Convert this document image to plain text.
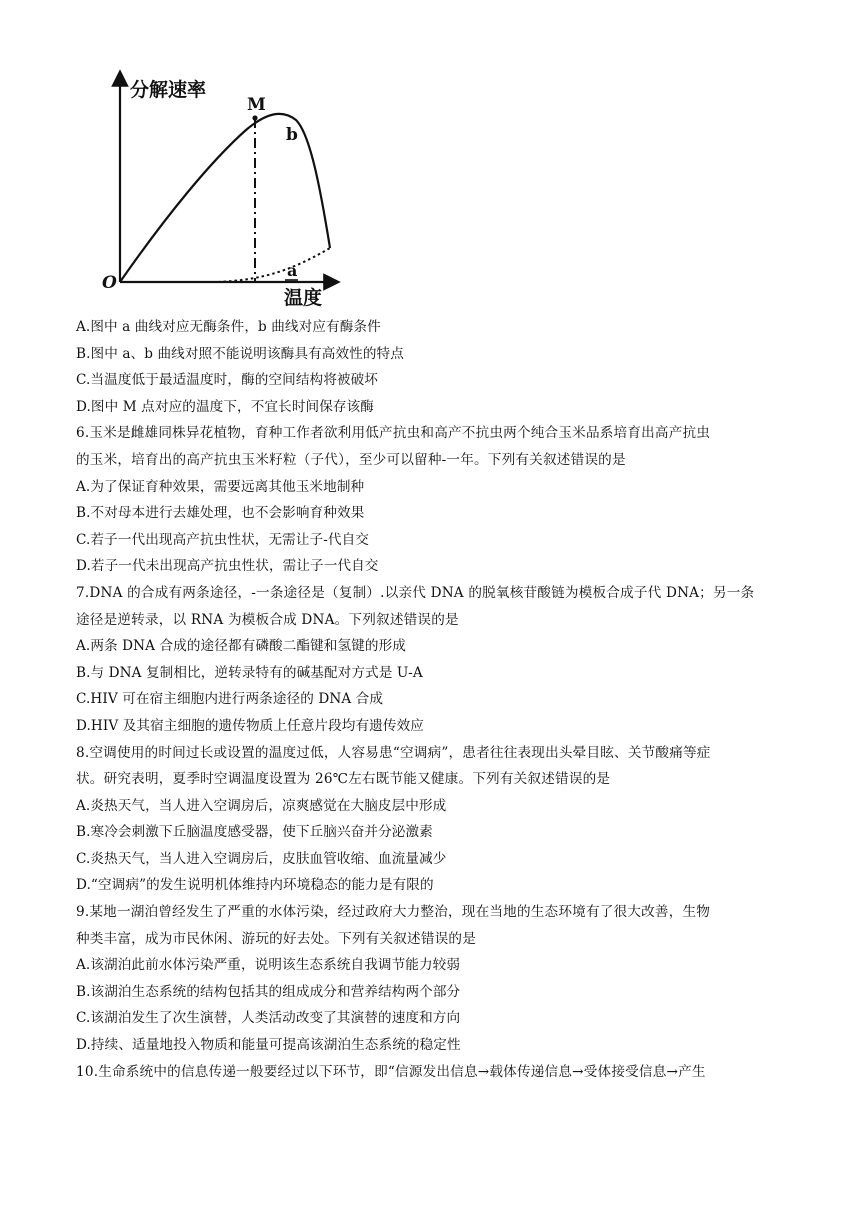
分解速率
M
b
O
a
温度
A.图中 a 曲线对应无酶条件，b 曲线对应有酶条件
B.图中 a、b 曲线对照不能说明该酶具有高效性的特点
C.当温度低于最适温度时，酶的空间结构将被破坏
D.图中 M 点对应的温度下，不宜长时间保存该酶
6.玉米是雌雄同株异花植物，育种工作者欲利用低产抗虫和高产不抗虫两个纯合玉米品系培育出高产抗虫
的玉米，培育出的高产抗虫玉米籽粒（子代），至少可以留种-一年。下列有关叙述错误的是
A.为了保证育种效果，需要远离其他玉米地制种
B.不对母本进行去雄处理，也不会影响育种效果
C.若子一代出现高产抗虫性状，无需让子-代自交
D.若子一代未出现高产抗虫性状，需让子一代自交
7.DNA 的合成有两条途径，-一条途径是（复制）.以亲代 DNA 的脱氧核苷酸链为模板合成子代 DNA；另一条
途径是逆转录，以 RNA 为模板合成 DNA。下列叙述错误的是
A.两条 DNA 合成的途径都有磷酸二酯键和氢键的形成
B.与 DNA 复制相比，逆转录特有的碱基配对方式是 U-A
C.HIV 可在宿主细胞内进行两条途径的 DNA 合成
D.HIV 及其宿主细胞的遗传物质上任意片段均有遗传效应
8.空调使用的时间过长或设置的温度过低，人容易患“空调病”，患者往往表现出头晕目眩、关节酸痛等症
状。研究表明，夏季时空调温度设置为 26℃左右既节能又健康。下列有关叙述错误的是
A.炎热天气，当人进入空调房后，凉爽感觉在大脑皮层中形成
B.寒冷会刺激下丘脑温度感受器，使下丘脑兴奋并分泌激素
C.炎热天气，当人进入空调房后，皮肤血管收缩、血流量减少
D.“空调病”的发生说明机体维持内环境稳态的能力是有限的
9.某地一湖泊曾经发生了严重的水体污染，经过政府大力整治，现在当地的生态环境有了很大改善，生物
种类丰富，成为市民休闲、游玩的好去处。下列有关叙述错误的是
A.该湖泊此前水体污染严重，说明该生态系统自我调节能力较弱
B.该湖泊生态系统的结构包括其的组成成分和营养结构两个部分
C.该湖泊发生了次生演替，人类活动改变了其演替的速度和方向
D.持续、适量地投入物质和能量可提高该湖泊生态系统的稳定性
10.生命系统中的信息传递一般要经过以下环节，即“信源发出信息→载体传递信息→受体接受信息→产生
